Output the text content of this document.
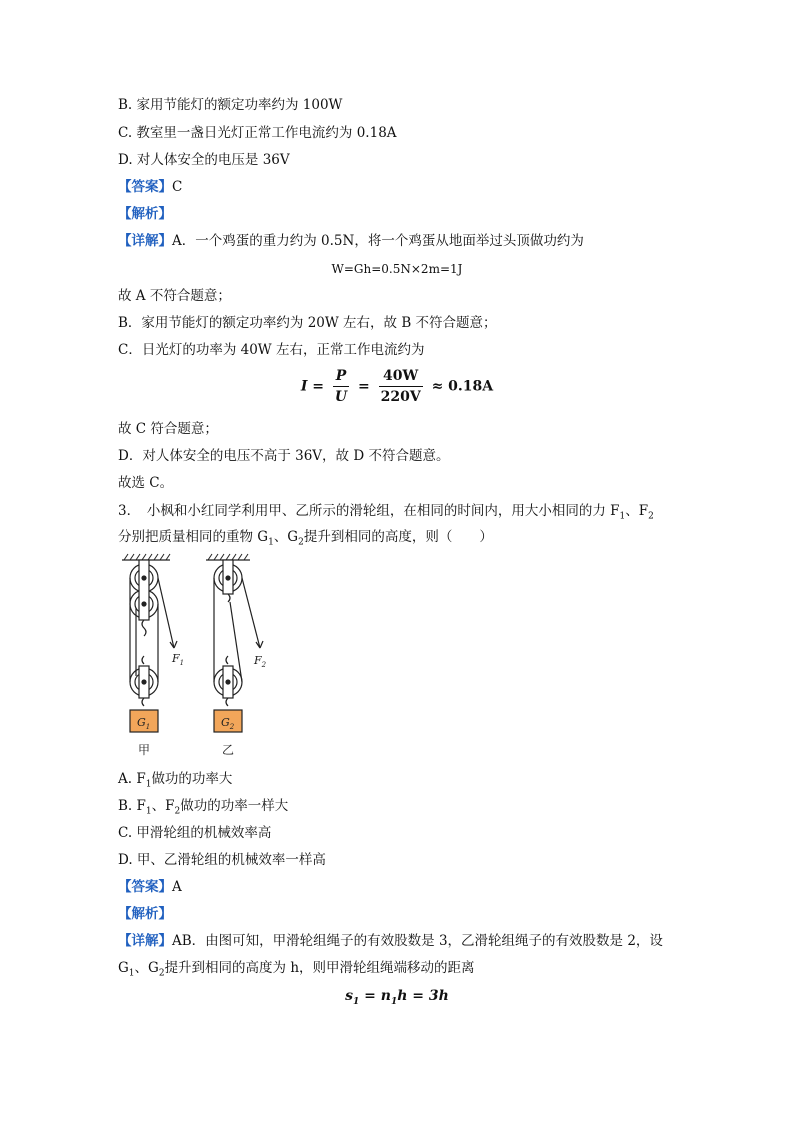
B. 家用节能灯的额定功率约为 100W
C. 教室里一盏日光灯正常工作电流约为 0.18A
D. 对人体安全的电压是 36V
【答案】C
【解析】
【详解】A．一个鸡蛋的重力约为 0.5N，将一个鸡蛋从地面举过头顶做功约为
W=Gh=0.5N×2m=1J
故 A 不符合题意；
B．家用节能灯的额定功率约为 20W 左右，故 B 不符合题意；
C．日光灯的功率为 40W 左右，正常工作电流约为
$I = \frac{P}{U} = \frac{40W}{220V} \approx 0.18A$
故 C 符合题意；
D．对人体安全的电压不高于 36V，故 D 不符合题意。
故选 C。
3．　小枫和小红同学利用甲、乙所示的滑轮组，在相同的时间内，用大小相同的力 $F_1$、$F_2$
分别把质量相同的重物 $G_1$、$G_2$提升到相同的高度，则（　　）
$F_1$	$F_2$
$G_1$	$G_2$
甲	乙
A. $F_1$做功的功率大
B. $F_1$、$F_2$做功的功率一样大
C. 甲滑轮组的机械效率高
D. 甲、乙滑轮组的机械效率一样高
【答案】A
【解析】
【详解】AB．由图可知，甲滑轮组绳子的有效股数是 3，乙滑轮组绳子的有效股数是 2，设
$G_1$、$G_2$提升到相同的高度为 h，则甲滑轮组绳端移动的距离
$s_1 = n_1h = 3h$
